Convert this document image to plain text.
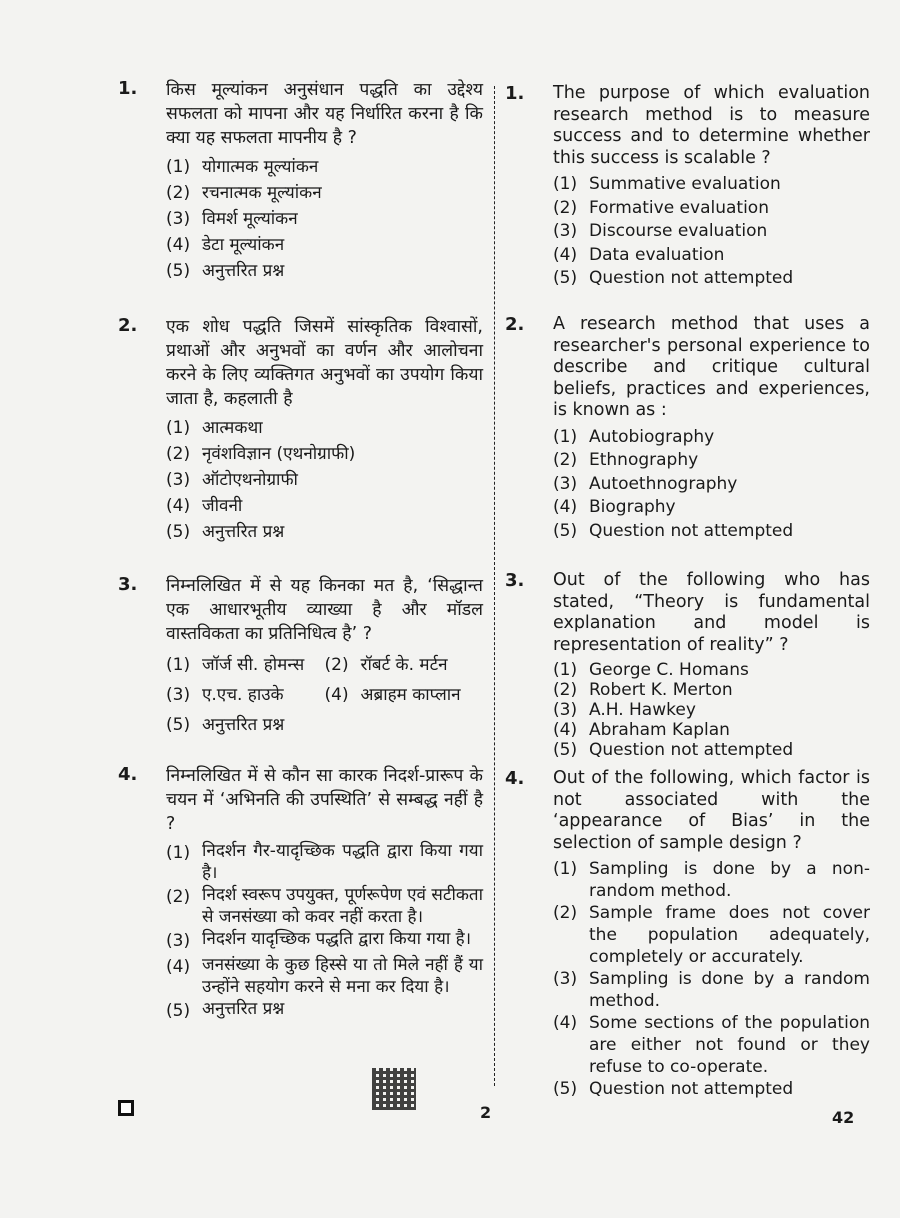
1. किस मूल्यांकन अनुसंधान पद्धति का उद्देश्य सफलता को मापना और यह निर्धारित करना है कि क्या यह सफलता मापनीय है ?
(1) योगात्मक मूल्यांकन
(2) रचनात्मक मूल्यांकन
(3) विमर्श मूल्यांकन
(4) डेटा मूल्यांकन
(5) अनुत्तरित प्रश्न
2. एक शोध पद्धति जिसमें सांस्कृतिक विश्वासों, प्रथाओं और अनुभवों का वर्णन और आलोचना करने के लिए व्यक्तिगत अनुभवों का उपयोग किया जाता है, कहलाती है
(1) आत्मकथा
(2) नृवंशविज्ञान (एथनोग्राफी)
(3) ऑटोएथनोग्राफी
(4) जीवनी
(5) अनुत्तरित प्रश्न
3. निम्नलिखित में से यह किनका मत है, ‘सिद्धान्त एक आधारभूतीय व्याख्या है और मॉडल वास्तविकता का प्रतिनिधित्व है’ ?
(1) जॉर्ज सी. होमन्स (2) रॉबर्ट के. मर्टन
(3) ए.एच. हाउके (4) अब्राहम काप्लान
(5) अनुत्तरित प्रश्न
4. निम्नलिखित में से कौन सा कारक निदर्श-प्रारूप के चयन में ‘अभिनति की उपस्थिति’ से सम्बद्ध नहीं है ?
(1) निदर्शन गैर-यादृच्छिक पद्धति द्वारा किया गया है।
(2) निदर्श स्वरूप उपयुक्त, पूर्णरूपेण एवं सटीकता से जनसंख्या को कवर नहीं करता है।
(3) निदर्शन यादृच्छिक पद्धति द्वारा किया गया है।
(4) जनसंख्या के कुछ हिस्से या तो मिले नहीं हैं या उन्होंने सहयोग करने से मना कर दिया है।
(5) अनुत्तरित प्रश्न
1. The purpose of which evaluation research method is to measure success and to determine whether this success is scalable ?
(1) Summative evaluation
(2) Formative evaluation
(3) Discourse evaluation
(4) Data evaluation
(5) Question not attempted
2. A research method that uses a researcher's personal experience to describe and critique cultural beliefs, practices and experiences, is known as :
(1) Autobiography
(2) Ethnography
(3) Autoethnography
(4) Biography
(5) Question not attempted
3. Out of the following who has stated, “Theory is fundamental explanation and model is representation of reality” ?
(1) George C. Homans
(2) Robert K. Merton
(3) A.H. Hawkey
(4) Abraham Kaplan
(5) Question not attempted
4. Out of the following, which factor is not associated with the ‘appearance of Bias’ in the selection of sample design ?
(1) Sampling is done by a non-random method.
(2) Sample frame does not cover the population adequately, completely or accurately.
(3) Sampling is done by a random method.
(4) Some sections of the population are either not found or they refuse to co-operate.
(5) Question not attempted
2	42
